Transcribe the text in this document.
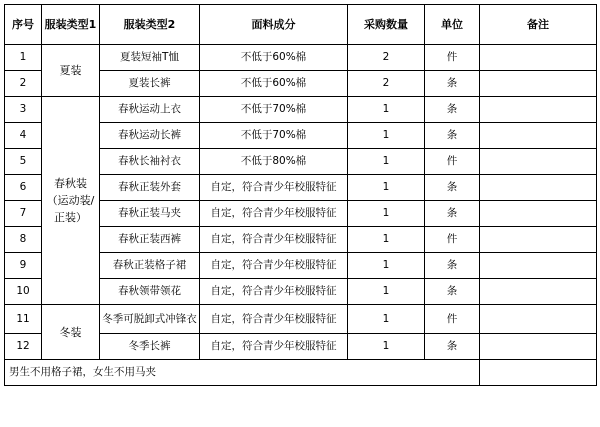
序号	服装类型1	服装类型2	面料成分	采购数量	单位	备注
1	夏装	夏装短袖T恤	不低于60%棉	2	件	
2		夏装长裤	不低于60%棉	2	条	
3	春秋装（运动装/正装）	春秋运动上衣	不低于70%棉	1	条	
4		春秋运动长裤	不低于70%棉	1	条	
5		春秋长袖衬衣	不低于80%棉	1	件	
6		春秋正装外套	自定，符合青少年校服特征	1	条	
7		春秋正装马夹	自定，符合青少年校服特征	1	条	
8		春秋正装西裤	自定，符合青少年校服特征	1	件	
9		春秋正装格子裙	自定，符合青少年校服特征	1	条	
10		春秋领带领花	自定，符合青少年校服特征	1	条	
11	冬装	冬季可脱卸式冲锋衣	自定，符合青少年校服特征	1	件	
12		冬季长裤	自定，符合青少年校服特征	1	条	
男生不用格子裙，女生不用马夹						
